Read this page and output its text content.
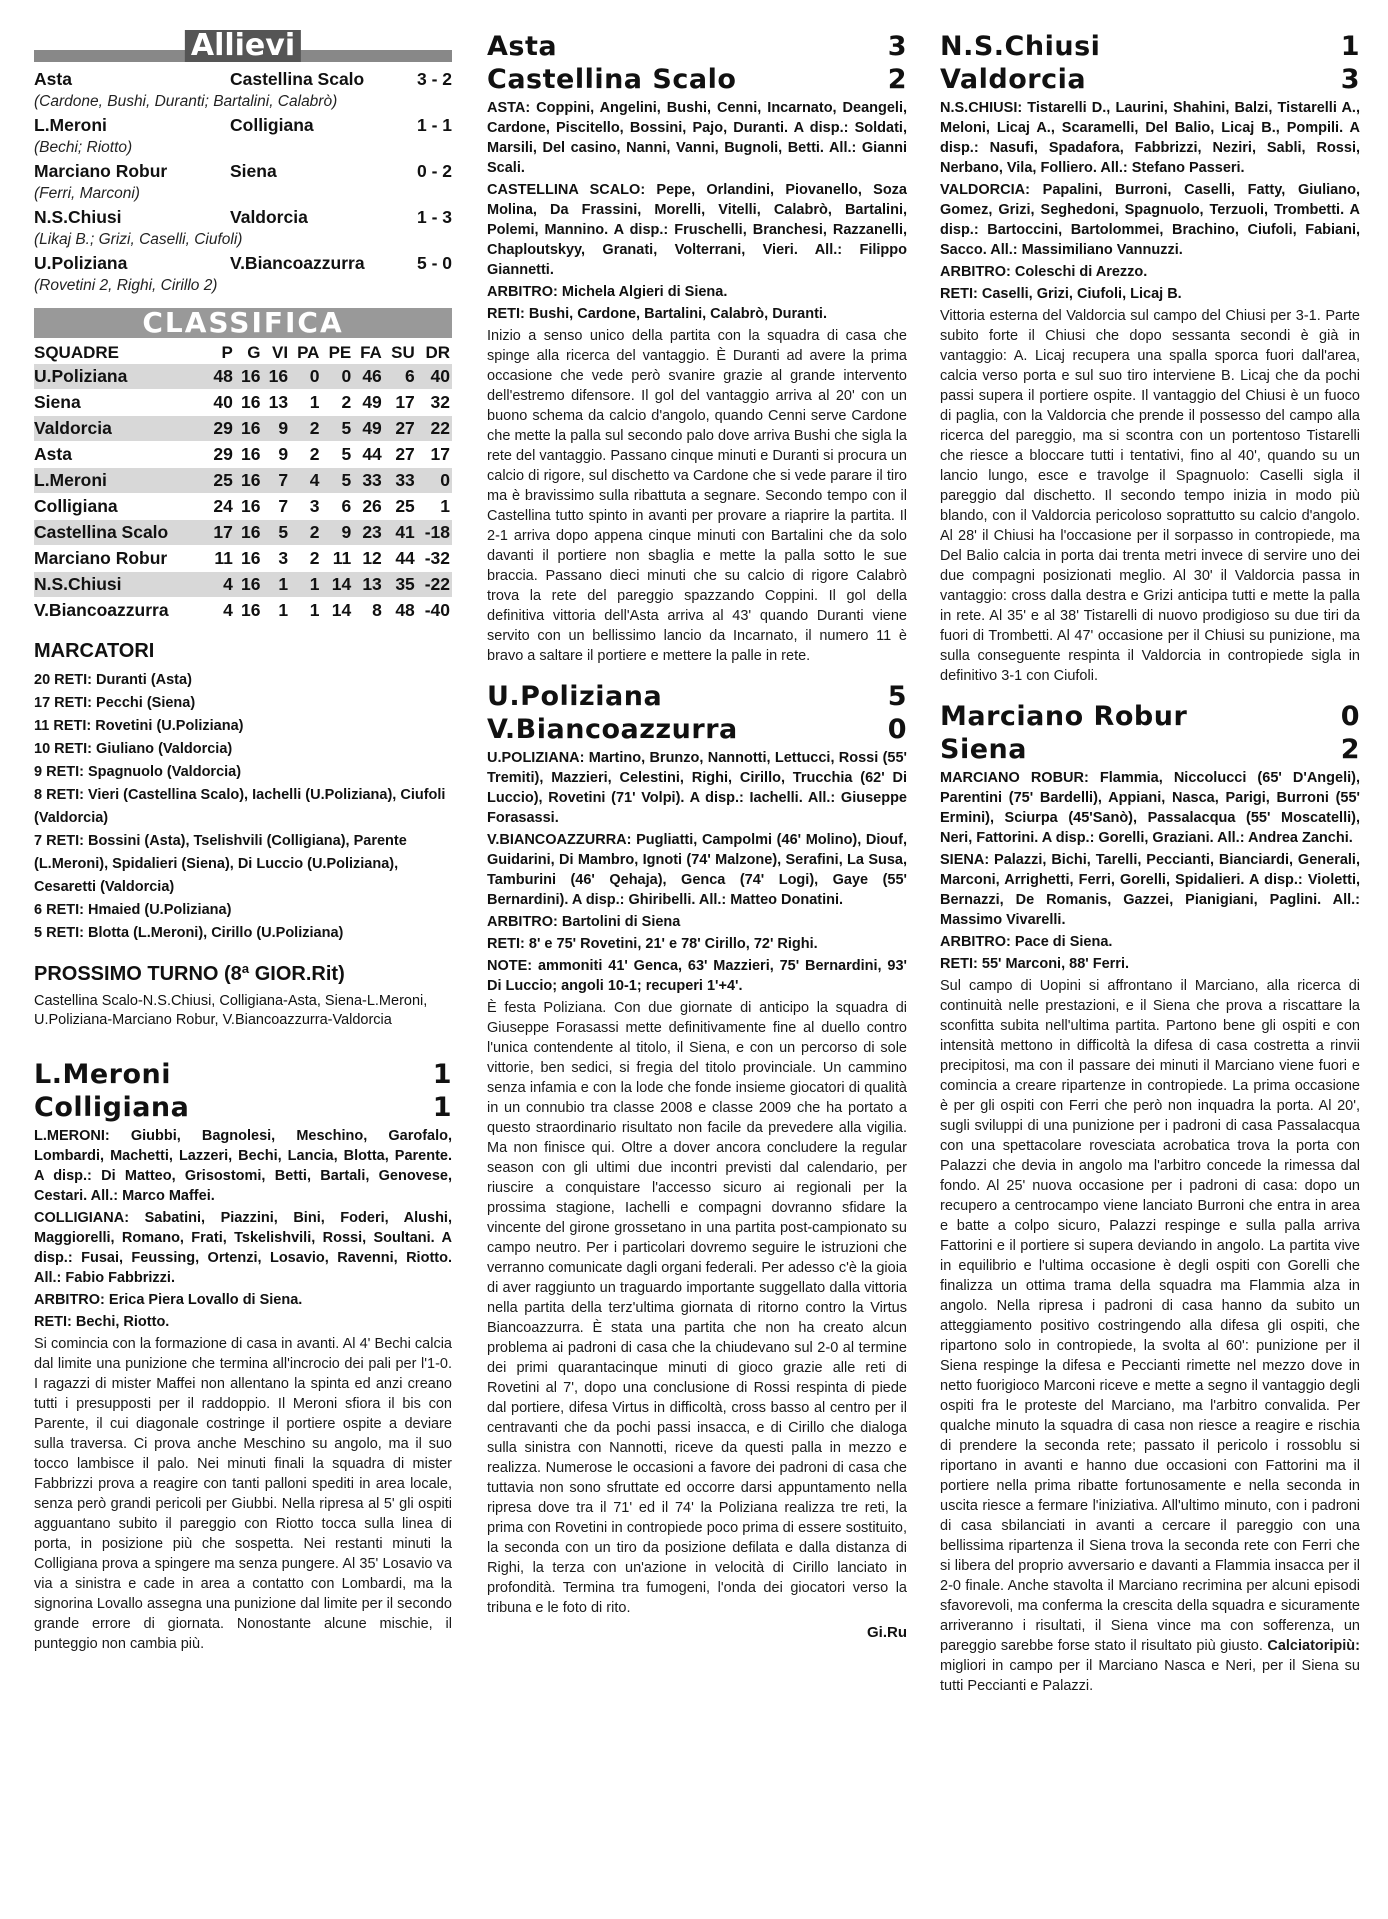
Allievi
Asta	Castellina Scalo	3 - 2
(Cardone, Bushi, Duranti; Bartalini, Calabrò)
L.Meroni	Colligiana	1 - 1
(Bechi; Riotto)
Marciano Robur	Siena	0 - 2
(Ferri, Marconi)
N.S.Chiusi	Valdorcia	1 - 3
(Likaj B.; Grizi, Caselli, Ciufoli)
U.Poliziana	V.Biancoazzurra	5 - 0
(Rovetini 2, Righi, Cirillo 2)
CLASSIFICA
SQUADRE	P	G	VI	PA	PE	FA	SU	DR
U.Poliziana	48	16	16	0	0	46	6	40
Siena	40	16	13	1	2	49	17	32
Valdorcia	29	16	9	2	5	49	27	22
Asta	29	16	9	2	5	44	27	17
L.Meroni	25	16	7	4	5	33	33	0
Colligiana	24	16	7	3	6	26	25	1
Castellina Scalo	17	16	5	2	9	23	41	-18
Marciano Robur	11	16	3	2	11	12	44	-32
N.S.Chiusi	4	16	1	1	14	13	35	-22
V.Biancoazzurra	4	16	1	1	14	8	48	-40
MARCATORI
20 RETI: Duranti (Asta)
17 RETI: Pecchi (Siena)
11 RETI: Rovetini (U.Poliziana)
10 RETI: Giuliano (Valdorcia)
9 RETI: Spagnuolo (Valdorcia)
8 RETI: Vieri (Castellina Scalo), Iachelli (U.Poliziana), Ciufoli (Valdorcia)
7 RETI: Bossini (Asta), Tselishvili (Colligiana), Parente (L.Meroni), Spidalieri (Siena), Di Luccio (U.Poliziana), Cesaretti (Valdorcia)
6 RETI: Hmaied (U.Poliziana)
5 RETI: Blotta (L.Meroni), Cirillo (U.Poliziana)
PROSSIMO TURNO (8ª GIOR.Rit)
Castellina Scalo-N.S.Chiusi, Colligiana-Asta, Siena-L.Meroni, U.Poliziana-Marciano Robur, V.Biancoazzurra-Valdorcia
L.Meroni	1
Colligiana	1
L.MERONI: Giubbi, Bagnolesi, Meschino, Garofalo, Lombardi, Machetti, Lazzeri, Bechi, Lancia, Blotta, Parente. A disp.: Di Matteo, Grisostomi, Betti, Bartali, Genovese, Cestari. All.: Marco Maffei.
COLLIGIANA: Sabatini, Piazzini, Bini, Foderi, Alushi, Maggiorelli, Romano, Frati, Tskelishvili, Rossi, Soultani. A disp.: Fusai, Feussing, Ortenzi, Losavio, Ravenni, Riotto. All.: Fabio Fabbrizzi.
ARBITRO: Erica Piera Lovallo di Siena.
RETI: Bechi, Riotto.
Si comincia con la formazione di casa in avanti. Al 4' Bechi calcia dal limite una punizione che termina all'incrocio dei pali per l'1-0. I ragazzi di mister Maffei non allentano la spinta ed anzi creano tutti i presupposti per il raddoppio. Il Meroni sfiora il bis con Parente, il cui diagonale costringe il portiere ospite a deviare sulla traversa. Ci prova anche Meschino su angolo, ma il suo tocco lambisce il palo. Nei minuti finali la squadra di mister Fabbrizzi prova a reagire con tanti palloni spediti in area locale, senza però grandi pericoli per Giubbi. Nella ripresa al 5' gli ospiti agguantano subito il pareggio con Riotto tocca sulla linea di porta, in posizione più che sospetta. Nei restanti minuti la Colligiana prova a spingere ma senza pungere. Al 35' Losavio va via a sinistra e cade in area a contatto con Lombardi, ma la signorina Lovallo assegna una punizione dal limite per il secondo grande errore di giornata. Nonostante alcune mischie, il punteggio non cambia più.
Asta	3
Castellina Scalo	2
ASTA: Coppini, Angelini, Bushi, Cenni, Incarnato, Deangeli, Cardone, Piscitello, Bossini, Pajo, Duranti. A disp.: Soldati, Marsili, Del casino, Nanni, Vanni, Bugnoli, Betti. All.: Gianni Scali.
CASTELLINA SCALO: Pepe, Orlandini, Piovanello, Soza Molina, Da Frassini, Morelli, Vitelli, Calabrò, Bartalini, Polemi, Mannino. A disp.: Fruschelli, Branchesi, Razzanelli, Chaploutskyy, Granati, Volterrani, Vieri. All.: Filippo Giannetti.
ARBITRO: Michela Algieri di Siena.
RETI: Bushi, Cardone, Bartalini, Calabrò, Duranti.
Inizio a senso unico della partita con la squadra di casa che spinge alla ricerca del vantaggio. È Duranti ad avere la prima occasione che vede però svanire grazie al grande intervento dell'estremo difensore. Il gol del vantaggio arriva al 20' con un buono schema da calcio d'angolo, quando Cenni serve Cardone che mette la palla sul secondo palo dove arriva Bushi che sigla la rete del vantaggio. Passano cinque minuti e Duranti si procura un calcio di rigore, sul dischetto va Cardone che si vede parare il tiro ma è bravissimo sulla ribattuta a segnare. Secondo tempo con il Castellina tutto spinto in avanti per provare a riaprire la partita. Il 2-1 arriva dopo appena cinque minuti con Bartalini che da solo davanti il portiere non sbaglia e mette la palla sotto le sue braccia. Passano dieci minuti che su calcio di rigore Calabrò trova la rete del pareggio spazzando Coppini. Il gol della definitiva vittoria dell'Asta arriva al 43' quando Duranti viene servito con un bellissimo lancio da Incarnato, il numero 11 è bravo a saltare il portiere e mettere la palle in rete.
U.Poliziana	5
V.Biancoazzurra	0
U.POLIZIANA: Martino, Brunzo, Nannotti, Lettucci, Rossi (55' Tremiti), Mazzieri, Celestini, Righi, Cirillo, Trucchia (62' Di Luccio), Rovetini (71' Volpi). A disp.: Iachelli. All.: Giuseppe Forasassi.
V.BIANCOAZZURRA: Pugliatti, Campolmi (46' Molino), Diouf, Guidarini, Di Mambro, Ignoti (74' Malzone), Serafini, La Susa, Tamburini (46' Qehaja), Genca (74' Logi), Gaye (55' Bernardini). A disp.: Ghiribelli. All.: Matteo Donatini.
ARBITRO: Bartolini di Siena
RETI: 8' e 75' Rovetini, 21' e 78' Cirillo, 72' Righi.
NOTE: ammoniti 41' Genca, 63' Mazzieri, 75' Bernardini, 93' Di Luccio; angoli 10-1; recuperi 1'+4'.
È festa Poliziana. Con due giornate di anticipo la squadra di Giuseppe Forasassi mette definitivamente fine al duello contro l'unica contendente al titolo, il Siena, e con un percorso di sole vittorie, ben sedici, si fregia del titolo provinciale. Un cammino senza infamia e con la lode che fonde insieme giocatori di qualità in un connubio tra classe 2008 e classe 2009 che ha portato a questo straordinario risultato non facile da prevedere alla vigilia. Ma non finisce qui. Oltre a dover ancora concludere la regular season con gli ultimi due incontri previsti dal calendario, per riuscire a conquistare l'accesso sicuro ai regionali per la prossima stagione, Iachelli e compagni dovranno sfidare la vincente del girone grossetano in una partita post-campionato su campo neutro. Per i particolari dovremo seguire le istruzioni che verranno comunicate dagli organi federali. Per adesso c'è la gioia di aver raggiunto un traguardo importante suggellato dalla vittoria nella partita della terz'ultima giornata di ritorno contro la Virtus Biancoazzurra. È stata una partita che non ha creato alcun problema ai padroni di casa che la chiudevano sul 2-0 al termine dei primi quarantacinque minuti di gioco grazie alle reti di Rovetini al 7', dopo una conclusione di Rossi respinta di piede dal portiere, difesa Virtus in difficoltà, cross basso al centro per il centravanti che da pochi passi insacca, e di Cirillo che dialoga sulla sinistra con Nannotti, riceve da questi palla in mezzo e realizza. Numerose le occasioni a favore dei padroni di casa che tuttavia non sono sfruttate ed occorre darsi appuntamento nella ripresa dove tra il 71' ed il 74' la Poliziana realizza tre reti, la prima con Rovetini in contropiede poco prima di essere sostituito, la seconda con un tiro da posizione defilata e dalla distanza di Righi, la terza con un'azione in velocità di Cirillo lanciato in profondità. Termina tra fumogeni, l'onda dei giocatori verso la tribuna e le foto di rito.
Gi.Ru
N.S.Chiusi	1
Valdorcia	3
N.S.CHIUSI: Tistarelli D., Laurini, Shahini, Balzi, Tistarelli A., Meloni, Licaj A., Scaramelli, Del Balio, Licaj B., Pompili. A disp.: Nasufi, Spadafora, Fabbrizzi, Neziri, Sabli, Rossi, Nerbano, Vila, Folliero. All.: Stefano Passeri.
VALDORCIA: Papalini, Burroni, Caselli, Fatty, Giuliano, Gomez, Grizi, Seghedoni, Spagnuolo, Terzuoli, Trombetti. A disp.: Bartoccini, Bartolommei, Brachino, Ciufoli, Fabiani, Sacco. All.: Massimiliano Vannuzzi.
ARBITRO: Coleschi di Arezzo.
RETI: Caselli, Grizi, Ciufoli, Licaj B.
Vittoria esterna del Valdorcia sul campo del Chiusi per 3-1. Parte subito forte il Chiusi che dopo sessanta secondi è già in vantaggio: A. Licaj recupera una spalla sporca fuori dall'area, calcia verso porta e sul suo tiro interviene B. Licaj che da pochi passi supera il portiere ospite. Il vantaggio del Chiusi è un fuoco di paglia, con la Valdorcia che prende il possesso del campo alla ricerca del pareggio, ma si scontra con un portentoso Tistarelli che riesce a bloccare tutti i tentativi, fino al 40', quando su un lancio lungo, esce e travolge il Spagnuolo: Caselli sigla il pareggio dal dischetto. Il secondo tempo inizia in modo più blando, con il Valdorcia pericoloso soprattutto su calcio d'angolo. Al 28' il Chiusi ha l'occasione per il sorpasso in contropiede, ma Del Balio calcia in porta dai trenta metri invece di servire uno dei due compagni posizionati meglio. Al 30' il Valdorcia passa in vantaggio: cross dalla destra e Grizi anticipa tutti e mette la palla in rete. Al 35' e al 38' Tistarelli di nuovo prodigioso su due tiri da fuori di Trombetti. Al 47' occasione per il Chiusi su punizione, ma sulla conseguente respinta il Valdorcia in contropiede sigla in definitivo 3-1 con Ciufoli.
Marciano Robur	0
Siena	2
MARCIANO ROBUR: Flammia, Niccolucci (65' D'Angeli), Parentini (75' Bardelli), Appiani, Nasca, Parigi, Burroni (55' Ermini), Sciurpa (45'Sanò), Passalacqua (55' Moscatelli), Neri, Fattorini. A disp.: Gorelli, Graziani. All.: Andrea Zanchi.
SIENA: Palazzi, Bichi, Tarelli, Peccianti, Bianciardi, Generali, Marconi, Arrighetti, Ferri, Gorelli, Spidalieri. A disp.: Violetti, Bernazzi, De Romanis, Gazzei, Pianigiani, Paglini. All.: Massimo Vivarelli.
ARBITRO: Pace di Siena.
RETI: 55' Marconi, 88' Ferri.
Sul campo di Uopini si affrontano il Marciano, alla ricerca di continuità nelle prestazioni, e il Siena che prova a riscattare la sconfitta subita nell'ultima partita. Partono bene gli ospiti e con intensità mettono in difficoltà la difesa di casa costretta a rinvii precipitosi, ma con il passare dei minuti il Marciano viene fuori e comincia a creare ripartenze in contropiede. La prima occasione è per gli ospiti con Ferri che però non inquadra la porta. Al 20', sugli sviluppi di una punizione per i padroni di casa Passalacqua con una spettacolare rovesciata acrobatica trova la porta con Palazzi che devia in angolo ma l'arbitro concede la rimessa dal fondo. Al 25' nuova occasione per i padroni di casa: dopo un recupero a centrocampo viene lanciato Burroni che entra in area e batte a colpo sicuro, Palazzi respinge e sulla palla arriva Fattorini e il portiere si supera deviando in angolo. La partita vive in equilibrio e l'ultima occasione è degli ospiti con Gorelli che finalizza un ottima trama della squadra ma Flammia alza in angolo. Nella ripresa i padroni di casa hanno da subito un atteggiamento positivo costringendo alla difesa gli ospiti, che ripartono solo in contropiede, la svolta al 60': punizione per il Siena respinge la difesa e Peccianti rimette nel mezzo dove in netto fuorigioco Marconi riceve e mette a segno il vantaggio degli ospiti fra le proteste del Marciano, ma l'arbitro convalida. Per qualche minuto la squadra di casa non riesce a reagire e rischia di prendere la seconda rete; passato il pericolo i rossoblu si riportano in avanti e hanno due occasioni con Fattorini ma il portiere nella prima ribatte fortunosamente e nella seconda in uscita riesce a fermare l'iniziativa. All'ultimo minuto, con i padroni di casa sbilanciati in avanti a cercare il pareggio con una bellissima ripartenza il Siena trova la seconda rete con Ferri che si libera del proprio avversario e davanti a Flammia insacca per il 2-0 finale. Anche stavolta il Marciano recrimina per alcuni episodi sfavorevoli, ma conferma la crescita della squadra e sicuramente arriveranno i risultati, il Siena vince ma con sofferenza, un pareggio sarebbe forse stato il risultato più giusto. Calciatoripiù: migliori in campo per il Marciano Nasca e Neri, per il Siena su tutti Peccianti e Palazzi.
